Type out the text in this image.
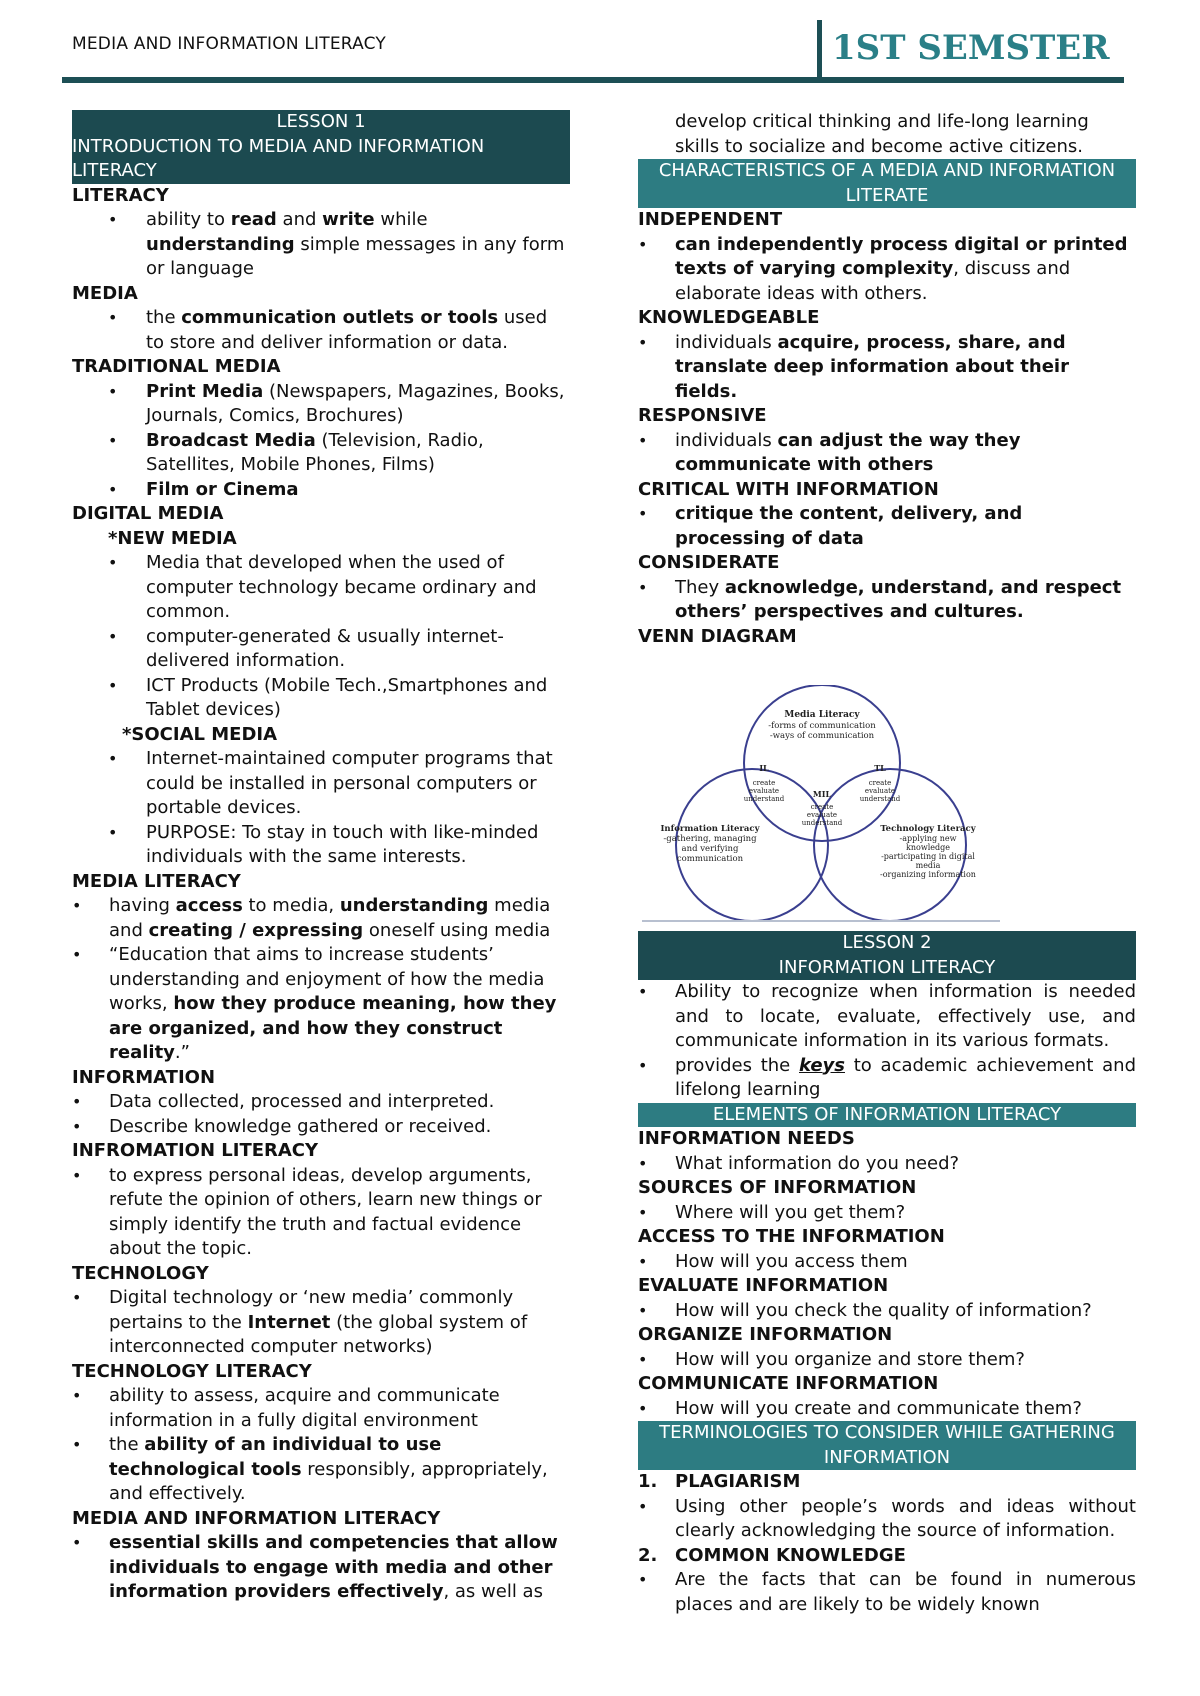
MEDIA AND INFORMATION LITERACY	1ST SEMSTER
LESSON 1
INTRODUCTION TO MEDIA AND INFORMATION LITERACY
LITERACY
• ability to read and write while understanding simple messages in any form or language
MEDIA
• the communication outlets or tools used to store and deliver information or data.
TRADITIONAL MEDIA
• Print Media (Newspapers, Magazines, Books, Journals, Comics, Brochures)
• Broadcast Media (Television, Radio, Satellites, Mobile Phones, Films)
• Film or Cinema
DIGITAL MEDIA
*NEW MEDIA
• Media that developed when the used of computer technology became ordinary and common.
• computer-generated & usually internet-delivered information.
• ICT Products (Mobile Tech.,Smartphones and Tablet devices)
*SOCIAL MEDIA
• Internet-maintained computer programs that could be installed in personal computers or portable devices.
• PURPOSE: To stay in touch with like-minded individuals with the same interests.
MEDIA LITERACY
• having access to media, understanding media and creating / expressing oneself using media
• “Education that aims to increase students’ understanding and enjoyment of how the media works, how they produce meaning, how they are organized, and how they construct reality.”
INFORMATION
• Data collected, processed and interpreted.
• Describe knowledge gathered or received.
INFROMATION LITERACY
• to express personal ideas, develop arguments, refute the opinion of others, learn new things or simply identify the truth and factual evidence about the topic.
TECHNOLOGY
• Digital technology or ‘new media’ commonly pertains to the Internet (the global system of interconnected computer networks)
TECHNOLOGY LITERACY
• ability to assess, acquire and communicate information in a fully digital environment
• the ability of an individual to use technological tools responsibly, appropriately, and effectively.
MEDIA AND INFORMATION LITERACY
• essential skills and competencies that allow individuals to engage with media and other information providers effectively, as well as
develop critical thinking and life-long learning skills to socialize and become active citizens.
CHARACTERISTICS OF A MEDIA AND INFORMATION LITERATE
INDEPENDENT
• can independently process digital or printed texts of varying complexity, discuss and elaborate ideas with others.
KNOWLEDGEABLE
• individuals acquire, process, share, and translate deep information about their fields.
RESPONSIVE
• individuals can adjust the way they communicate with others
CRITICAL WITH INFORMATION
• critique the content, delivery, and processing of data
CONSIDERATE
• They acknowledge, understand, and respect others’ perspectives and cultures.
VENN DIAGRAM
Media Literacy
-forms of communication
-ways of communication
IL
create
evaluate
understand
TL
create
evaluate
understand
MIL
create
evaluate
understand
Information Literacy
-gathering, managing
and verifying
communication
Technology Literacy
-applying new
knowledge
-participating in digital
media
-organizing information
LESSON 2
INFORMATION LITERACY
• Ability to recognize when information is needed and to locate, evaluate, effectively use, and communicate information in its various formats.
• provides the keys to academic achievement and lifelong learning
ELEMENTS OF INFORMATION LITERACY
INFORMATION NEEDS
• What information do you need?
SOURCES OF INFORMATION
• Where will you get them?
ACCESS TO THE INFORMATION
• How will you access them
EVALUATE INFORMATION
• How will you check the quality of information?
ORGANIZE INFORMATION
• How will you organize and store them?
COMMUNICATE INFORMATION
• How will you create and communicate them?
TERMINOLOGIES TO CONSIDER WHILE GATHERING INFORMATION
1. PLAGIARISM
• Using other people’s words and ideas without clearly acknowledging the source of information.
2. COMMON KNOWLEDGE
• Are the facts that can be found in numerous places and are likely to be widely known
